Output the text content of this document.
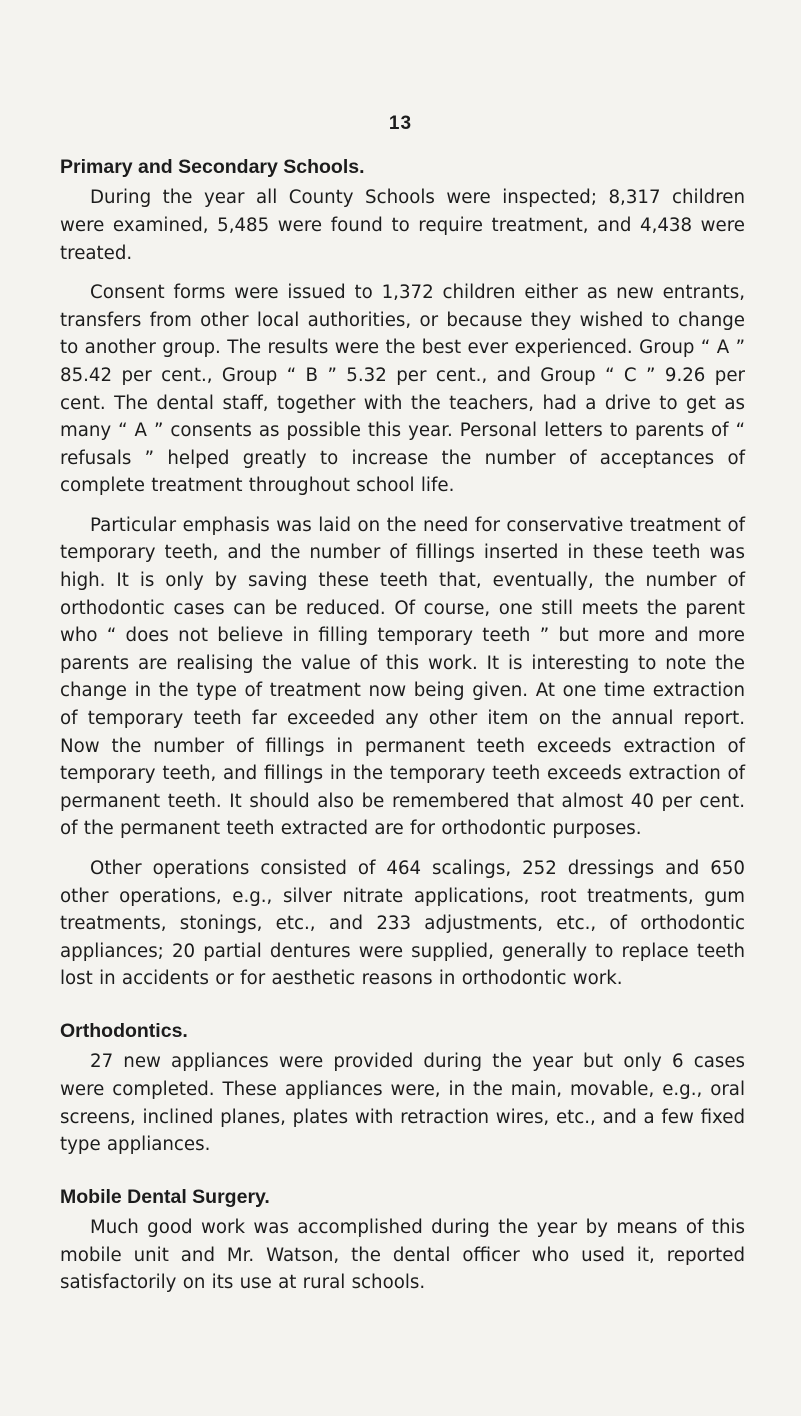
13
Primary and Secondary Schools.

During the year all County Schools were inspected; 8,317 children were examined, 5,485 were found to require treatment, and 4,438 were treated.

Consent forms were issued to 1,372 children either as new entrants, transfers from other local authorities, or because they wished to change to another group. The results were the best ever experienced. Group “ A ” 85.42 per cent., Group “ B ” 5.32 per cent., and Group “ C ” 9.26 per cent. The dental staff, together with the teachers, had a drive to get as many “ A ” consents as possible this year. Personal letters to parents of “ refusals ” helped greatly to increase the number of acceptances of complete treatment throughout school life.

Particular emphasis was laid on the need for conservative treatment of temporary teeth, and the number of fillings inserted in these teeth was high. It is only by saving these teeth that, eventually, the number of orthodontic cases can be reduced. Of course, one still meets the parent who “ does not believe in filling temporary teeth ” but more and more parents are realising the value of this work. It is interesting to note the change in the type of treatment now being given. At one time extraction of temporary teeth far exceeded any other item on the annual report. Now the number of fillings in permanent teeth exceeds extraction of temporary teeth, and fillings in the temporary teeth exceeds extraction of permanent teeth. It should also be remembered that almost 40 per cent. of the permanent teeth extracted are for orthodontic purposes.

Other operations consisted of 464 scalings, 252 dressings and 650 other operations, e.g., silver nitrate applications, root treatments, gum treatments, stonings, etc., and 233 adjustments, etc., of orthodontic appliances; 20 partial dentures were supplied, generally to replace teeth lost in accidents or for aesthetic reasons in orthodontic work.

Orthodontics.

27 new appliances were provided during the year but only 6 cases were completed. These appliances were, in the main, movable, e.g., oral screens, inclined planes, plates with retraction wires, etc., and a few fixed type appliances.

Mobile Dental Surgery.

Much good work was accomplished during the year by means of this mobile unit and Mr. Watson, the dental officer who used it, reported satisfactorily on its use at rural schools.
